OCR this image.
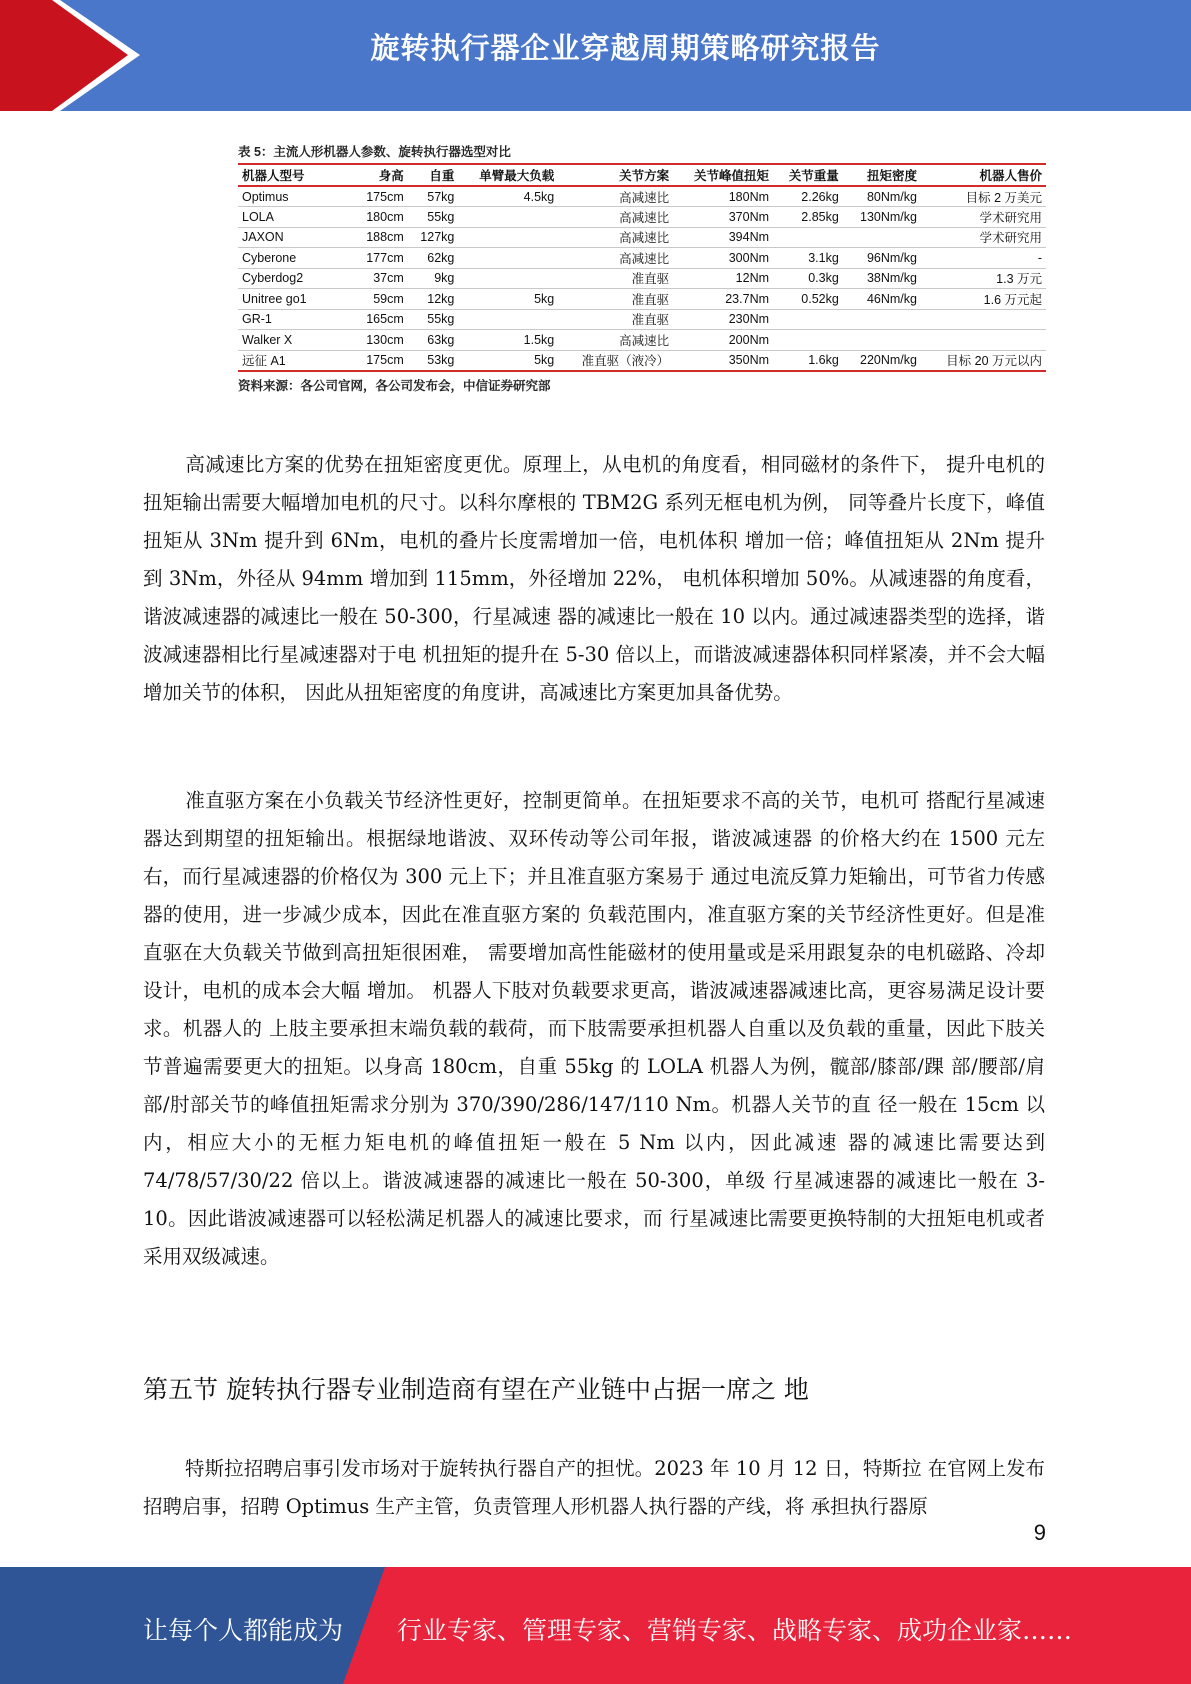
旋转执行器企业穿越周期策略研究报告
表 5：主流人形机器人参数、旋转执行器选型对比
机器人型号	身高	自重	单臂最大负载	关节方案	关节峰值扭矩	关节重量	扭矩密度	机器人售价
Optimus	175cm	57kg	4.5kg	高减速比	180Nm	2.26kg	80Nm/kg	目标 2 万美元
LOLA	180cm	55kg		高减速比	370Nm	2.85kg	130Nm/kg	学术研究用
JAXON	188cm	127kg		高减速比	394Nm			学术研究用
Cyberone	177cm	62kg		高减速比	300Nm	3.1kg	96Nm/kg	-
Cyberdog2	37cm	9kg		准直驱	12Nm	0.3kg	38Nm/kg	1.3 万元
Unitree go1	59cm	12kg	5kg	准直驱	23.7Nm	0.52kg	46Nm/kg	1.6 万元起
GR-1	165cm	55kg		准直驱	230Nm			
Walker X	130cm	63kg	1.5kg	高减速比	200Nm			
远征 A1	175cm	53kg	5kg	准直驱（液冷）	350Nm	1.6kg	220Nm/kg	目标 20 万元以内
资料来源：各公司官网，各公司发布会，中信证券研究部
高减速比方案的优势在扭矩密度更优。原理上，从电机的角度看，相同磁材的条件下， 提升电机的扭矩输出需要大幅增加电机的尺寸。以科尔摩根的 TBM2G 系列无框电机为例， 同等叠片长度下，峰值扭矩从 3Nm 提升到 6Nm，电机的叠片长度需增加一倍，电机体积 增加一倍；峰值扭矩从 2Nm 提升到 3Nm，外径从 94mm 增加到 115mm，外径增加 22%， 电机体积增加 50%。从减速器的角度看，谐波减速器的减速比一般在 50-300，行星减速 器的减速比一般在 10 以内。通过减速器类型的选择，谐波减速器相比行星减速器对于电 机扭矩的提升在 5-30 倍以上，而谐波减速器体积同样紧凑，并不会大幅增加关节的体积， 因此从扭矩密度的角度讲，高减速比方案更加具备优势。
准直驱方案在小负载关节经济性更好，控制更简单。在扭矩要求不高的关节，电机可 搭配行星减速器达到期望的扭矩输出。根据绿地谐波、双环传动等公司年报，谐波减速器 的价格大约在 1500 元左右，而行星减速器的价格仅为 300 元上下；并且准直驱方案易于 通过电流反算力矩输出，可节省力传感器的使用，进一步减少成本，因此在准直驱方案的 负载范围内，准直驱方案的关节经济性更好。但是准直驱在大负载关节做到高扭矩很困难， 需要增加高性能磁材的使用量或是采用跟复杂的电机磁路、冷却设计，电机的成本会大幅 增加。 机器人下肢对负载要求更高，谐波减速器减速比高，更容易满足设计要求。机器人的 上肢主要承担末端负载的载荷，而下肢需要承担机器人自重以及负载的重量，因此下肢关 节普遍需要更大的扭矩。以身高 180cm，自重 55kg 的 LOLA 机器人为例，髋部/膝部/踝 部/腰部/肩部/肘部关节的峰值扭矩需求分别为 370/390/286/147/110 Nm。机器人关节的直 径一般在 15cm 以内，相应大小的无框力矩电机的峰值扭矩一般在 5 Nm 以内，因此减速 器的减速比需要达到 74/78/57/30/22 倍以上。谐波减速器的减速比一般在 50-300，单级 行星减速器的减速比一般在 3-10。因此谐波减速器可以轻松满足机器人的减速比要求，而 行星减速比需要更换特制的大扭矩电机或者采用双级减速。
第五节 旋转执行器专业制造商有望在产业链中占据一席之 地
特斯拉招聘启事引发市场对于旋转执行器自产的担忧。2023 年 10 月 12 日，特斯拉 在官网上发布招聘启事，招聘 Optimus 生产主管，负责管理人形机器人执行器的产线，将 承担执行器原
9
让每个人都能成为 行业专家、管理专家、营销专家、战略专家、成功企业家……
